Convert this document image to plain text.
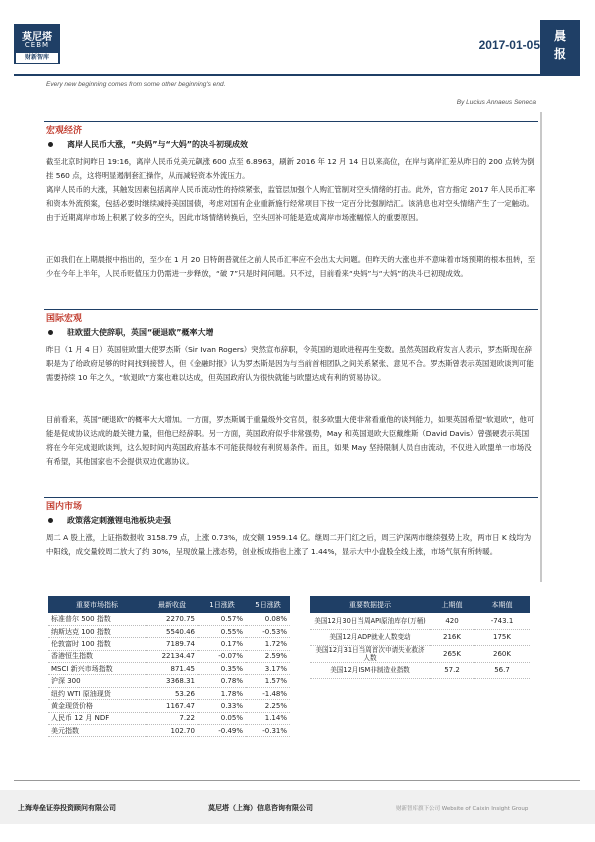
莫尼塔
CEBM
财新智库
2017-01-05
晨报
Every new beginning comes from some other beginning's end.
By Lucius Annaeus Seneca
宏观经济
离岸人民币大涨，“央妈”与“大妈”的决斗初现成效
截至北京时间昨日 19:16，离岸人民币兑美元飙涨 600 点至 6.8963，刷新 2016 年 12 月 14 日以来高位，在岸与离岸汇差从昨日的 200 点转为倒挂 560 点，这将明显遏制套汇操作，从而减轻资本外流压力。
离岸人民币的大涨，其触发因素包括离岸人民币流动性的持续紧张，监管层加强个人购汇管制对空头情绪的打击。此外，官方指定 2017 年人民币汇率和资本外流预案，包括必要时继续减持美国国债，考虑对国有企业重新施行经常项目下按一定百分比强制结汇。该消息也对空头情绪产生了一定触动。由于近期离岸市场上积累了较多的空头，因此市场情绪转换后，空头回补可能是造成离岸市场涨幅惊人的重要原因。
正如我们在上期晨报中指出的，至少在 1 月 20 日特朗普就任之前人民币汇率应不会出太大问题。但昨天的大涨也并不意味着市场预期的根本扭转，至少在今年上半年，人民币贬值压力仍需进一步释放，“破 7”只是时间问题。只不过，目前看来“央妈”与“大妈”的决斗已初现成效。
国际宏观
驻欧盟大使辞职，英国“硬退欧”概率大增
昨日（1 月 4 日）英国驻欧盟大使罗杰斯（Sir Ivan Rogers）突然宣布辞职，令英国的退欧进程再生变数。虽然英国政府发言人表示，罗杰斯现在辞职是为了给政府足够的时间找到接替人，但《金融时报》认为罗杰斯是因为与当前首相团队之间关系紧张、意见不合。罗杰斯曾表示英国退欧谈判可能需要持续 10 年之久，“软退欧”方案也难以达成，但英国政府认为很快就能与欧盟达成有利的贸易协议。
目前看来，英国“硬退欧”的概率大大增加。一方面，罗杰斯属于重量级外交官员，很多欧盟大使非常看重他的谈判能力，如果英国希望“软退欧”，他可能是促成协议达成的最关键力量，但他已经辞职。另一方面，英国政府似乎非常强势，May 和英国退欧大臣戴维斯（David Davis）曾强硬表示英国将在今年完成退欧谈判，这么短时间内英国政府基本不可能获得较有利贸易条件。而且，如果 May 坚持限制人员自由流动，不仅进入欧盟单一市场没有希望，其他国家也不会提供双边优惠协议。
国内市场
政策落定刺激锂电池板块走强
周二 A 股上涨，上证指数报收 3158.79 点，上涨 0.73%，成交额 1959.14 亿。继周二开门红之后，周三沪深两市继续强势上攻，两市日 K 线均为中阳线，成交量较周二放大了约 30%，呈现放量上涨态势，创业板成指也上涨了 1.44%，显示大中小盘股全线上涨，市场气氛有所转暖。
重要市场指标	最新收盘	1日涨跌	5日涨跌
标准普尔 500 指数	2270.75	0.57%	0.08%
纳斯达克 100 指数	5540.46	0.55%	-0.53%
伦敦富时 100 指数	7189.74	0.17%	1.72%
香港恒生指数	22134.47	-0.07%	2.59%
MSCI 新兴市场指数	871.45	0.35%	3.17%
沪深 300	3368.31	0.78%	1.57%
纽约 WTI 原油现货	53.26	1.78%	-1.48%
黄金现货价格	1167.47	0.33%	2.25%
人民币 12 月 NDF	7.22	0.05%	1.14%
美元指数	102.70	-0.49%	-0.31%
重要数据提示	上期值	本期值
美国12月30日当周API原油库存(万桶)	420	-743.1
美国12月ADP就业人数变动	216K	175K
美国12月31日当周首次申请失业救济人数	265K	260K
美国12月ISM非制造业指数	57.2	56.7
上海寿垒证券投资顾问有限公司	莫尼塔（上海）信息咨询有限公司	财新智库旗下公司 Website of Caixin Insight Group
